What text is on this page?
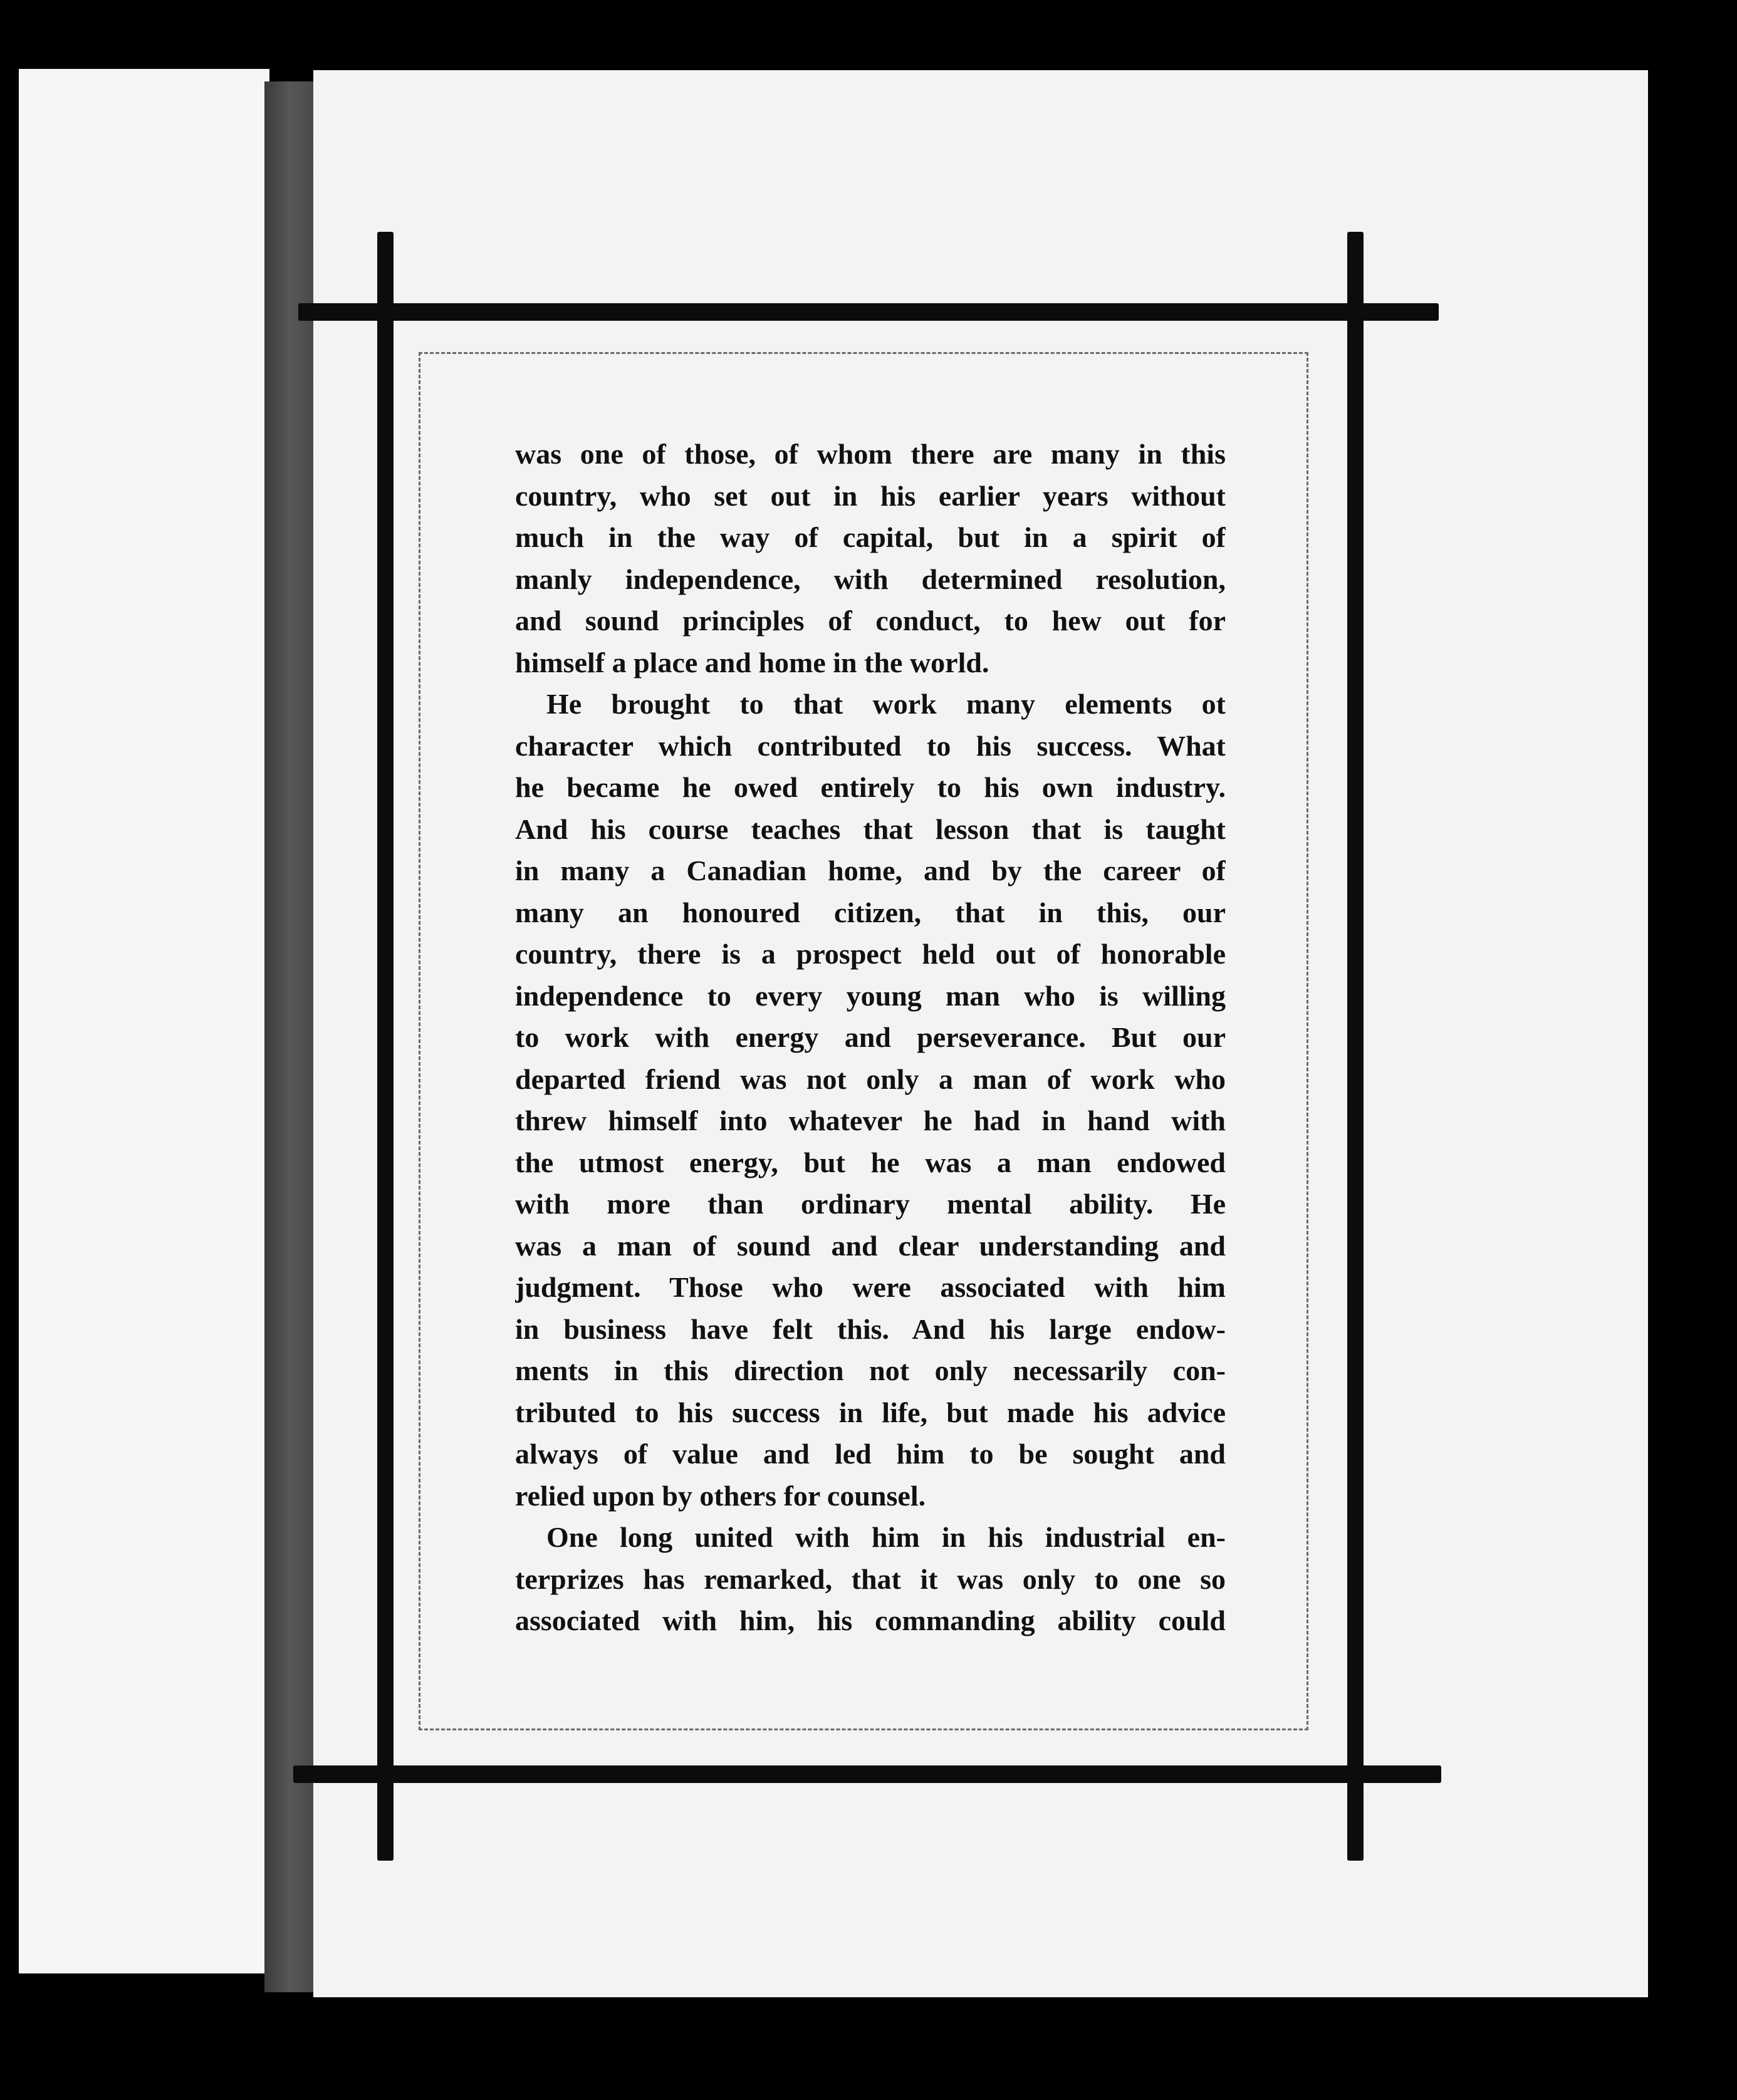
was one of those, of whom there are many in this
country, who set out in his earlier years without
much in the way of capital, but in a spirit of
manly independence, with determined resolution,
and sound principles of conduct, to hew out for
himself a place and home in the world.
He brought to that work many elements ot
character which contributed to his success. What
he became he owed entirely to his own industry.
And his course teaches that lesson that is taught
in many a Canadian home, and by the career of
many an honoured citizen, that in this, our
country, there is a prospect held out of honorable
independence to every young man who is willing
to work with energy and perseverance. But our
departed friend was not only a man of work who
threw himself into whatever he had in hand with
the utmost energy, but he was a man endowed
with more than ordinary mental ability. He
was a man of sound and clear understanding and
judgment. Those who were associated with him
in business have felt this. And his large endow-
ments in this direction not only necessarily con-
tributed to his success in life, but made his advice
always of value and led him to be sought and
relied upon by others for counsel.
One long united with him in his industrial en-
terprizes has remarked, that it was only to one so
associated with him, his commanding ability could
